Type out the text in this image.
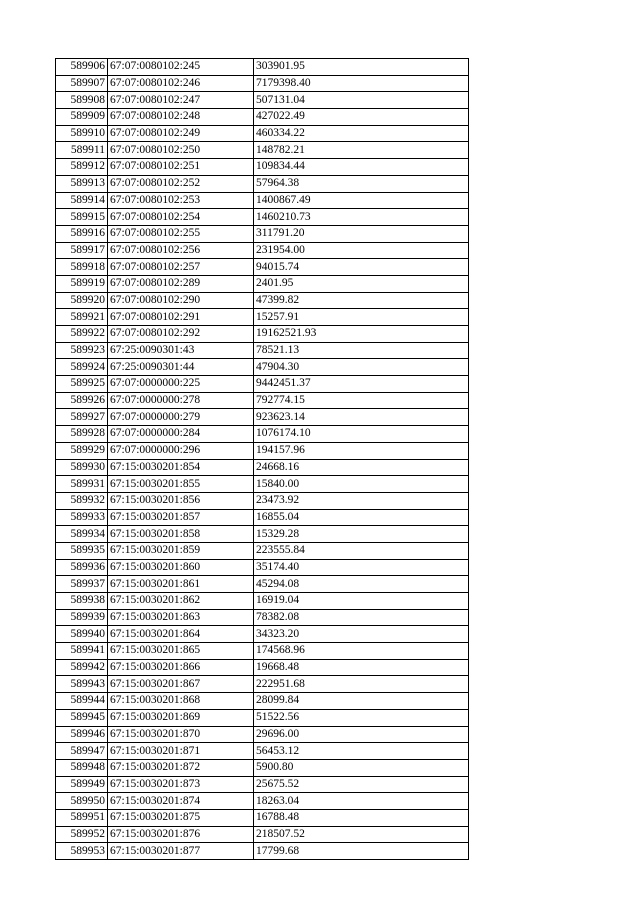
589906	67:07:0080102:245	303901.95
589907	67:07:0080102:246	7179398.40
589908	67:07:0080102:247	507131.04
589909	67:07:0080102:248	427022.49
589910	67:07:0080102:249	460334.22
589911	67:07:0080102:250	148782.21
589912	67:07:0080102:251	109834.44
589913	67:07:0080102:252	57964.38
589914	67:07:0080102:253	1400867.49
589915	67:07:0080102:254	1460210.73
589916	67:07:0080102:255	311791.20
589917	67:07:0080102:256	231954.00
589918	67:07:0080102:257	94015.74
589919	67:07:0080102:289	2401.95
589920	67:07:0080102:290	47399.82
589921	67:07:0080102:291	15257.91
589922	67:07:0080102:292	19162521.93
589923	67:25:0090301:43	78521.13
589924	67:25:0090301:44	47904.30
589925	67:07:0000000:225	9442451.37
589926	67:07:0000000:278	792774.15
589927	67:07:0000000:279	923623.14
589928	67:07:0000000:284	1076174.10
589929	67:07:0000000:296	194157.96
589930	67:15:0030201:854	24668.16
589931	67:15:0030201:855	15840.00
589932	67:15:0030201:856	23473.92
589933	67:15:0030201:857	16855.04
589934	67:15:0030201:858	15329.28
589935	67:15:0030201:859	223555.84
589936	67:15:0030201:860	35174.40
589937	67:15:0030201:861	45294.08
589938	67:15:0030201:862	16919.04
589939	67:15:0030201:863	78382.08
589940	67:15:0030201:864	34323.20
589941	67:15:0030201:865	174568.96
589942	67:15:0030201:866	19668.48
589943	67:15:0030201:867	222951.68
589944	67:15:0030201:868	28099.84
589945	67:15:0030201:869	51522.56
589946	67:15:0030201:870	29696.00
589947	67:15:0030201:871	56453.12
589948	67:15:0030201:872	5900.80
589949	67:15:0030201:873	25675.52
589950	67:15:0030201:874	18263.04
589951	67:15:0030201:875	16788.48
589952	67:15:0030201:876	218507.52
589953	67:15:0030201:877	17799.68
